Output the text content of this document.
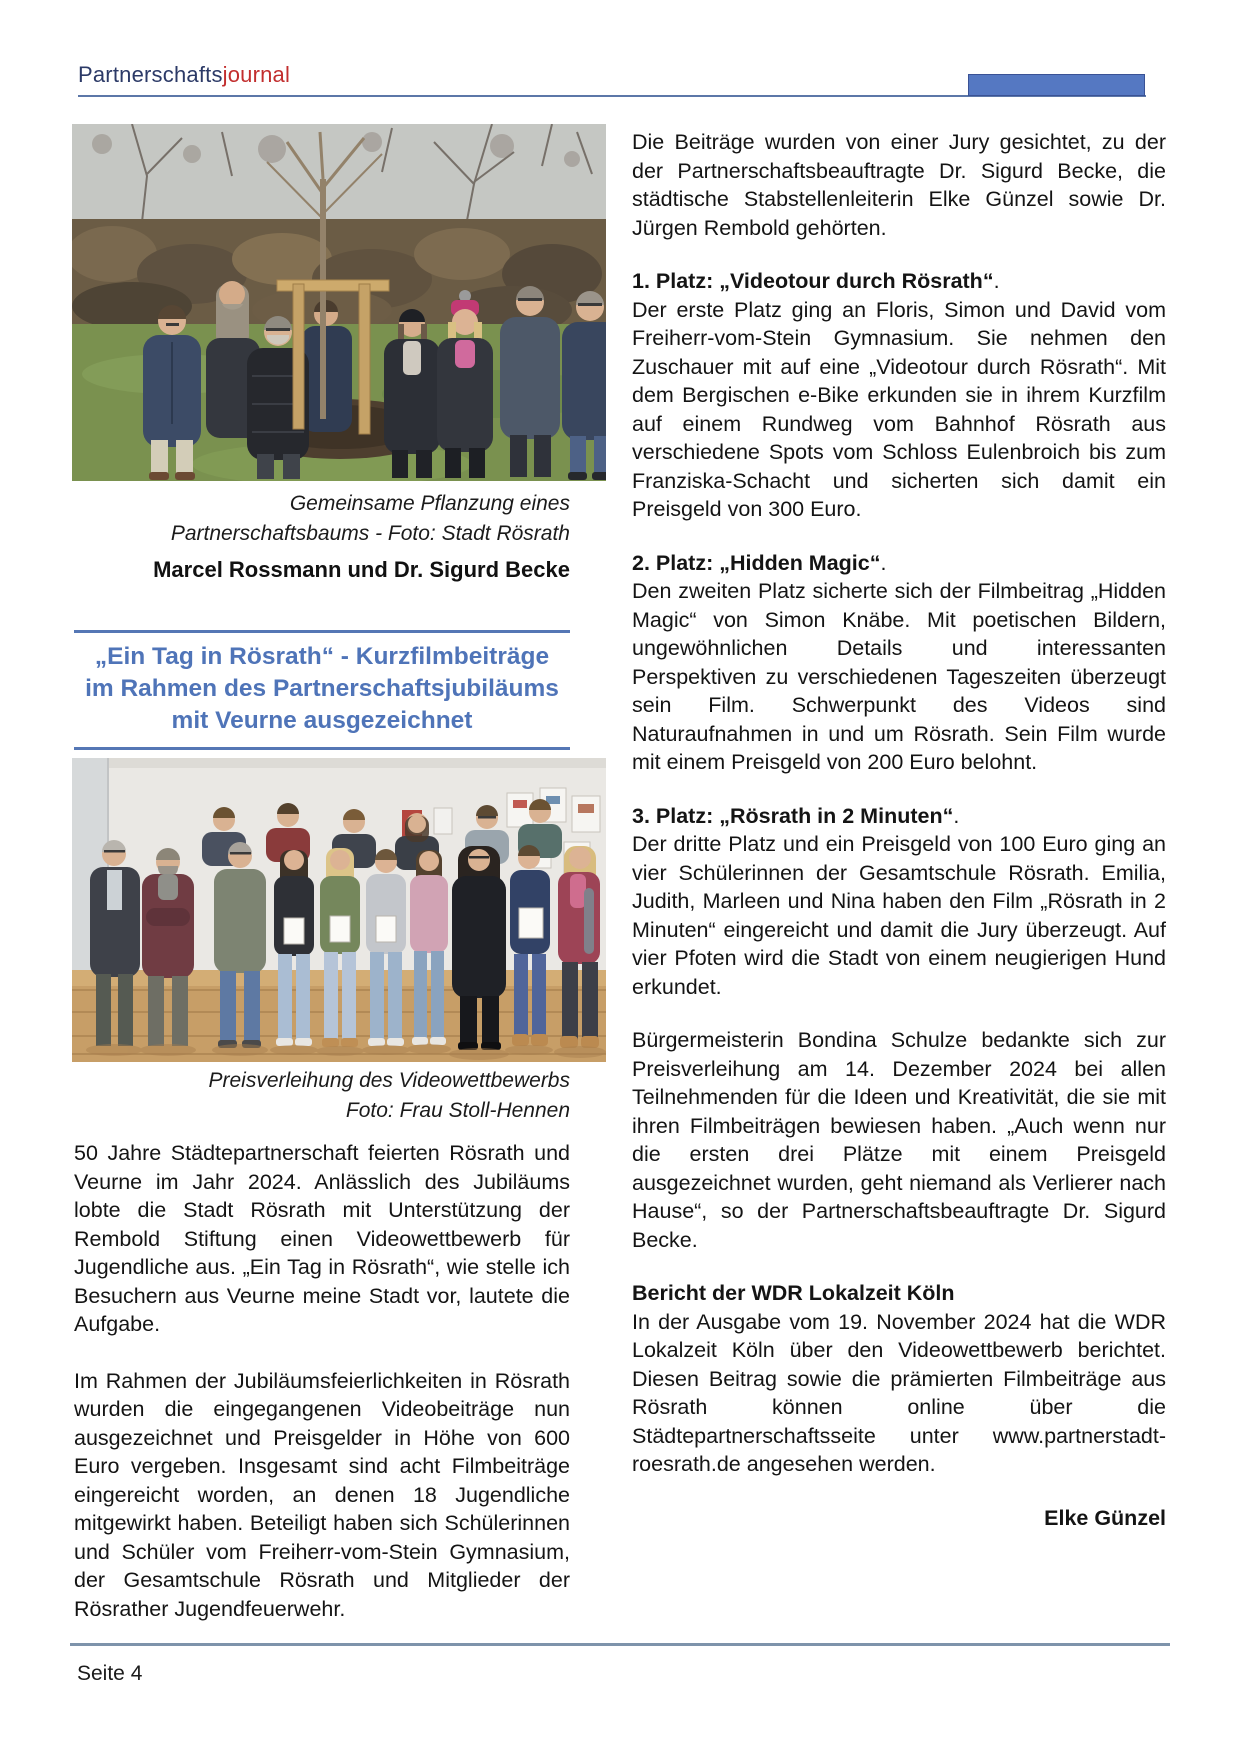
Partnerschaftsjournal
Gemeinsame Pflanzung eines
Partnerschaftsbaums - Foto: Stadt Rösrath
Marcel Rossmann und Dr. Sigurd Becke
„Ein Tag in Rösrath“ - Kurzfilmbeiträge
im Rahmen des Partnerschaftsjubiläums
mit Veurne ausgezeichnet
Preisverleihung des Videowettbewerbs
Foto: Frau Stoll-Hennen

50 Jahre Städtepartnerschaft feierten Rösrath und Veurne im Jahr 2024. Anlässlich des Jubiläums lobte die Stadt Rösrath mit Unterstützung der Rembold Stiftung einen Videowettbewerb für Jugendliche aus. „Ein Tag in Rösrath“, wie stelle ich Besuchern aus Veurne meine Stadt vor, lautete die Aufgabe.

Im Rahmen der Jubiläumsfeierlichkeiten in Rösrath wurden die eingegangenen Videobeiträge nun ausgezeichnet und Preisgelder in Höhe von 600 Euro vergeben. Insgesamt sind acht Filmbeiträge eingereicht worden, an denen 18 Jugendliche mitgewirkt haben. Beteiligt haben sich Schülerinnen und Schüler vom Freiherr-vom-Stein Gymnasium, der Gesamtschule Rösrath und Mitglieder der Rösrather Jugendfeuerwehr.

Die Beiträge wurden von einer Jury gesichtet, zu der der Partnerschaftsbeauftragte Dr. Sigurd Becke, die städtische Stabstellenleiterin Elke Günzel sowie Dr. Jürgen Rembold gehörten.

1. Platz: „Videotour durch Rösrath“.

Der erste Platz ging an Floris, Simon und David vom Freiherr-vom-Stein Gymnasium. Sie nehmen den Zuschauer mit auf eine „Videotour durch Rösrath“. Mit dem Bergischen e-Bike erkunden sie in ihrem Kurzfilm auf einem Rundweg vom Bahnhof Rösrath aus verschiedene Spots vom Schloss Eulenbroich bis zum Franziska-Schacht und sicherten sich damit ein Preisgeld von 300 Euro.

2. Platz: „Hidden Magic“.

Den zweiten Platz sicherte sich der Filmbeitrag „Hidden Magic“ von Simon Knäbe. Mit poetischen Bildern, ungewöhnlichen Details und interessanten Perspektiven zu verschiedenen Tageszeiten überzeugt sein Film. Schwerpunkt des Videos sind Naturaufnahmen in und um Rösrath. Sein Film wurde mit einem Preisgeld von 200 Euro belohnt.

3. Platz: „Rösrath in 2 Minuten“.

Der dritte Platz und ein Preisgeld von 100 Euro ging an vier Schülerinnen der Gesamtschule Rösrath. Emilia, Judith, Marleen und Nina haben den Film „Rösrath in 2 Minuten“ eingereicht und damit die Jury überzeugt. Auf vier Pfoten wird die Stadt von einem neugierigen Hund erkundet.

Bürgermeisterin Bondina Schulze bedankte sich zur Preisverleihung am 14. Dezember 2024 bei allen Teilnehmenden für die Ideen und Kreativität, die sie mit ihren Filmbeiträgen bewiesen haben. „Auch wenn nur die ersten drei Plätze mit einem Preisgeld ausgezeichnet wurden, geht niemand als Verlierer nach Hause“, so der Partnerschaftsbeauftragte Dr. Sigurd Becke.

Bericht der WDR Lokalzeit Köln

In der Ausgabe vom 19. November 2024 hat die WDR Lokalzeit Köln über den Videowettbewerb berichtet. Diesen Beitrag sowie die prämierten Filmbeiträge aus Rösrath können online über die Städtepartnerschaftsseite unter www.partnerstadt-roesrath.de angesehen werden.

Elke Günzel

Seite 4
